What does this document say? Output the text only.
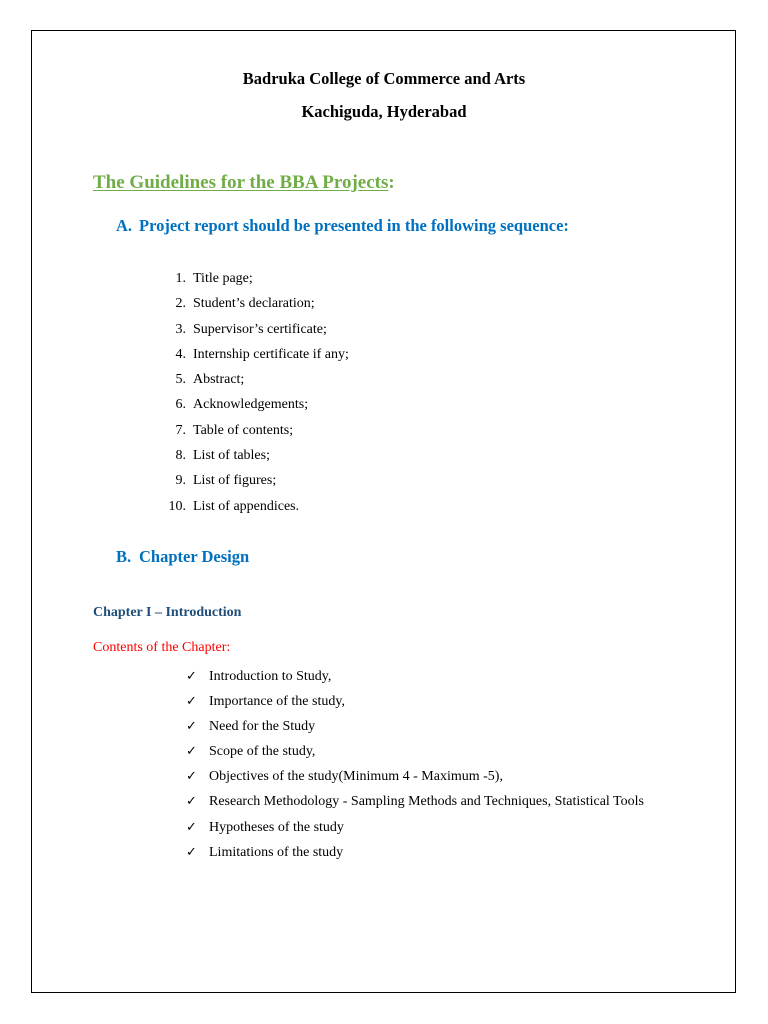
Badruka College of Commerce and Arts
Kachiguda, Hyderabad
The Guidelines for the BBA Projects:
A. Project report should be presented in the following sequence:
1. Title page;
2. Student’s declaration;
3. Supervisor’s certificate;
4. Internship certificate if any;
5. Abstract;
6. Acknowledgements;
7. Table of contents;
8. List of tables;
9. List of figures;
10. List of appendices.
B. Chapter Design
Chapter I – Introduction
Contents of the Chapter:
✓ Introduction to Study,
✓ Importance of the study,
✓ Need for the Study
✓ Scope of the study,
✓ Objectives of the study(Minimum 4 - Maximum -5),
✓ Research Methodology - Sampling Methods and Techniques, Statistical Tools
✓ Hypotheses of the study
✓ Limitations of the study
